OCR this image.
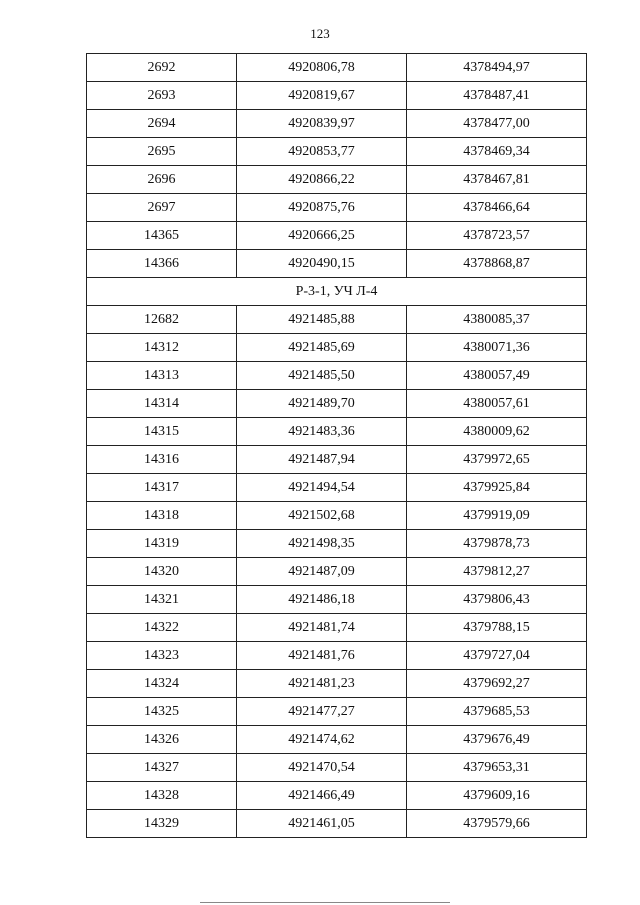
123
2692	4920806,78	4378494,97
2693	4920819,67	4378487,41
2694	4920839,97	4378477,00
2695	4920853,77	4378469,34
2696	4920866,22	4378467,81
2697	4920875,76	4378466,64
14365	4920666,25	4378723,57
14366	4920490,15	4378868,87
Р-3-1, УЧ Л-4		
12682	4921485,88	4380085,37
14312	4921485,69	4380071,36
14313	4921485,50	4380057,49
14314	4921489,70	4380057,61
14315	4921483,36	4380009,62
14316	4921487,94	4379972,65
14317	4921494,54	4379925,84
14318	4921502,68	4379919,09
14319	4921498,35	4379878,73
14320	4921487,09	4379812,27
14321	4921486,18	4379806,43
14322	4921481,74	4379788,15
14323	4921481,76	4379727,04
14324	4921481,23	4379692,27
14325	4921477,27	4379685,53
14326	4921474,62	4379676,49
14327	4921470,54	4379653,31
14328	4921466,49	4379609,16
14329	4921461,05	4379579,66
